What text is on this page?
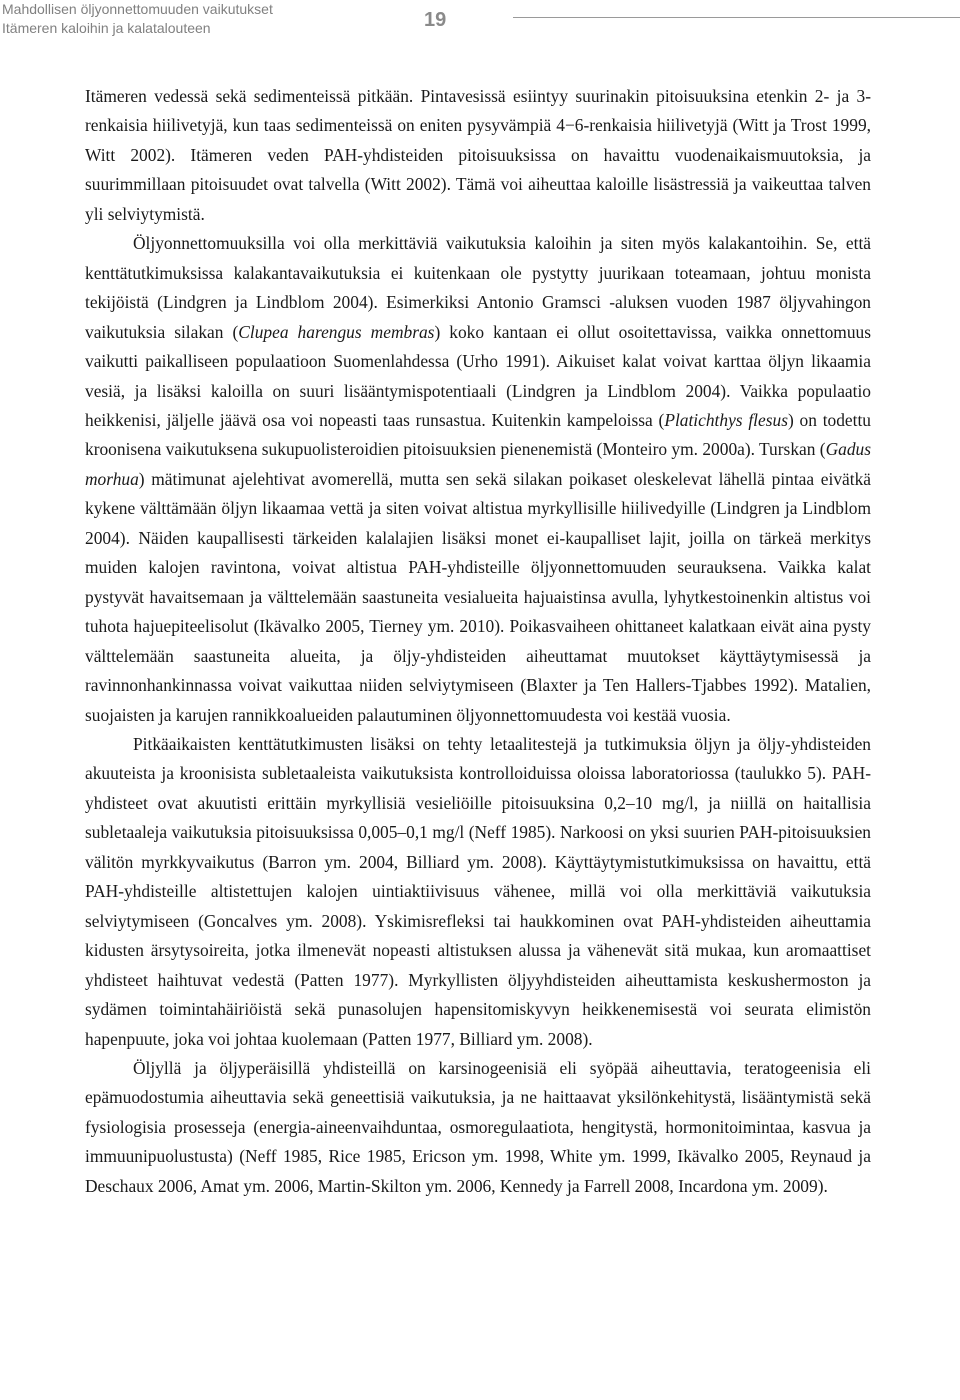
Mahdollisen öljyonnettomuuden vaikutukset
Itämeren kaloihin ja kalatalouteen	19

Itämeren vedessä sekä sedimenteissä pitkään. Pintavesissä esiintyy suurinakin pitoisuuksina etenkin 2- ja 3-renkaisia hiilivetyjä, kun taas sedimenteissä on eniten pysyvämpiä 4−6-renkaisia hiilivetyjä (Witt ja Trost 1999, Witt 2002). Itämeren veden PAH-yhdisteiden pitoisuuksissa on havaittu vuodenaikaismuutoksia, ja suurimmillaan pitoisuudet ovat talvella (Witt 2002). Tämä voi aiheuttaa kaloille lisästressiä ja vaikeuttaa talven yli selviytymistä.

Öljyonnettomuuksilla voi olla merkittäviä vaikutuksia kaloihin ja siten myös kalakantoihin. Se, että kenttätutkimuksissa kalakantavaikutuksia ei kuitenkaan ole pystytty juurikaan toteamaan, johtuu monista tekijöistä (Lindgren ja Lindblom 2004). Esimerkiksi Antonio Gramsci -aluksen vuoden 1987 öljyvahingon vaikutuksia silakan (Clupea harengus membras) koko kantaan ei ollut osoitettavissa, vaikka onnettomuus vaikutti paikalliseen populaatioon Suomenlahdessa (Urho 1991). Aikuiset kalat voivat karttaa öljyn likaamia vesiä, ja lisäksi kaloilla on suuri lisääntymispotentiaali (Lindgren ja Lindblom 2004). Vaikka populaatio heikkenisi, jäljelle jäävä osa voi nopeasti taas runsastua. Kuitenkin kampeloissa (Platichthys flesus) on todettu kroonisena vaikutuksena sukupuolisteroidien pitoisuuksien pienenemistä (Monteiro ym. 2000a). Turskan (Gadus morhua) mätimunat ajelehtivat avomerellä, mutta sen sekä silakan poikaset oleskelevat lähellä pintaa eivätkä kykene välttämään öljyn likaamaa vettä ja siten voivat altistua myrkyllisille hiilivedyille (Lindgren ja Lindblom 2004). Näiden kaupallisesti tärkeiden kalalajien lisäksi monet ei-kaupalliset lajit, joilla on tärkeä merkitys muiden kalojen ravintona, voivat altistua PAH-yhdisteille öljyonnettomuuden seurauksena. Vaikka kalat pystyvät havaitsemaan ja välttelemään saastuneita vesialueita hajuaistinsa avulla, lyhytkestoinenkin altistus voi tuhota hajuepiteelisolut (Ikävalko 2005, Tierney ym. 2010). Poikasvaiheen ohittaneet kalatkaan eivät aina pysty välttelemään saastuneita alueita, ja öljy-yhdisteiden aiheuttamat muutokset käyttäytymisessä ja ravinnonhankinnassa voivat vaikuttaa niiden selviytymiseen (Blaxter ja Ten Hallers-Tjabbes 1992). Matalien, suojaisten ja karujen rannikkoalueiden palautuminen öljyonnettomuudesta voi kestää vuosia.

Pitkäaikaisten kenttätutkimusten lisäksi on tehty letaalitestejä ja tutkimuksia öljyn ja öljy-yhdisteiden akuuteista ja kroonisista subletaaleista vaikutuksista kontrolloiduissa oloissa laboratoriossa (taulukko 5). PAH-yhdisteet ovat akuutisti erittäin myrkyllisiä vesieliöille pitoisuuksina 0,2–10 mg/l, ja niillä on haitallisia subletaaleja vaikutuksia pitoisuuksissa 0,005–0,1 mg/l (Neff 1985). Narkoosi on yksi suurien PAH-pitoisuuksien välitön myrkkyvaikutus (Barron ym. 2004, Billiard ym. 2008). Käyttäytymistutkimuksissa on havaittu, että PAH-yhdisteille altistettujen kalojen uintiaktiivisuus vähenee, millä voi olla merkittäviä vaikutuksia selviytymiseen (Goncalves ym. 2008). Yskimisrefleksi tai haukkominen ovat PAH-yhdisteiden aiheuttamia kidusten ärsytysoireita, jotka ilmenevät nopeasti altistuksen alussa ja vähenevät sitä mukaa, kun aromaattiset yhdisteet haihtuvat vedestä (Patten 1977). Myrkyllisten öljyyhdisteiden aiheuttamista keskushermoston ja sydämen toimintahäiriöistä sekä punasolujen hapensitomiskyvyn heikkenemisestä voi seurata elimistön hapenpuute, joka voi johtaa kuolemaan (Patten 1977, Billiard ym. 2008).

Öljyllä ja öljyperäisillä yhdisteillä on karsinogeenisiä eli syöpää aiheuttavia, teratogeenisia eli epämuodostumia aiheuttavia sekä geneettisiä vaikutuksia, ja ne haittaavat yksilönkehitystä, lisääntymistä sekä fysiologisia prosesseja (energia-aineenvaihduntaa, osmoregulaatiota, hengitystä, hormonitoimintaa, kasvua ja immuunipuolustusta) (Neff 1985, Rice 1985, Ericson ym. 1998, White ym. 1999, Ikävalko 2005, Reynaud ja Deschaux 2006, Amat ym. 2006, Martin-Skilton ym. 2006, Kennedy ja Farrell 2008, Incardona ym. 2009).
